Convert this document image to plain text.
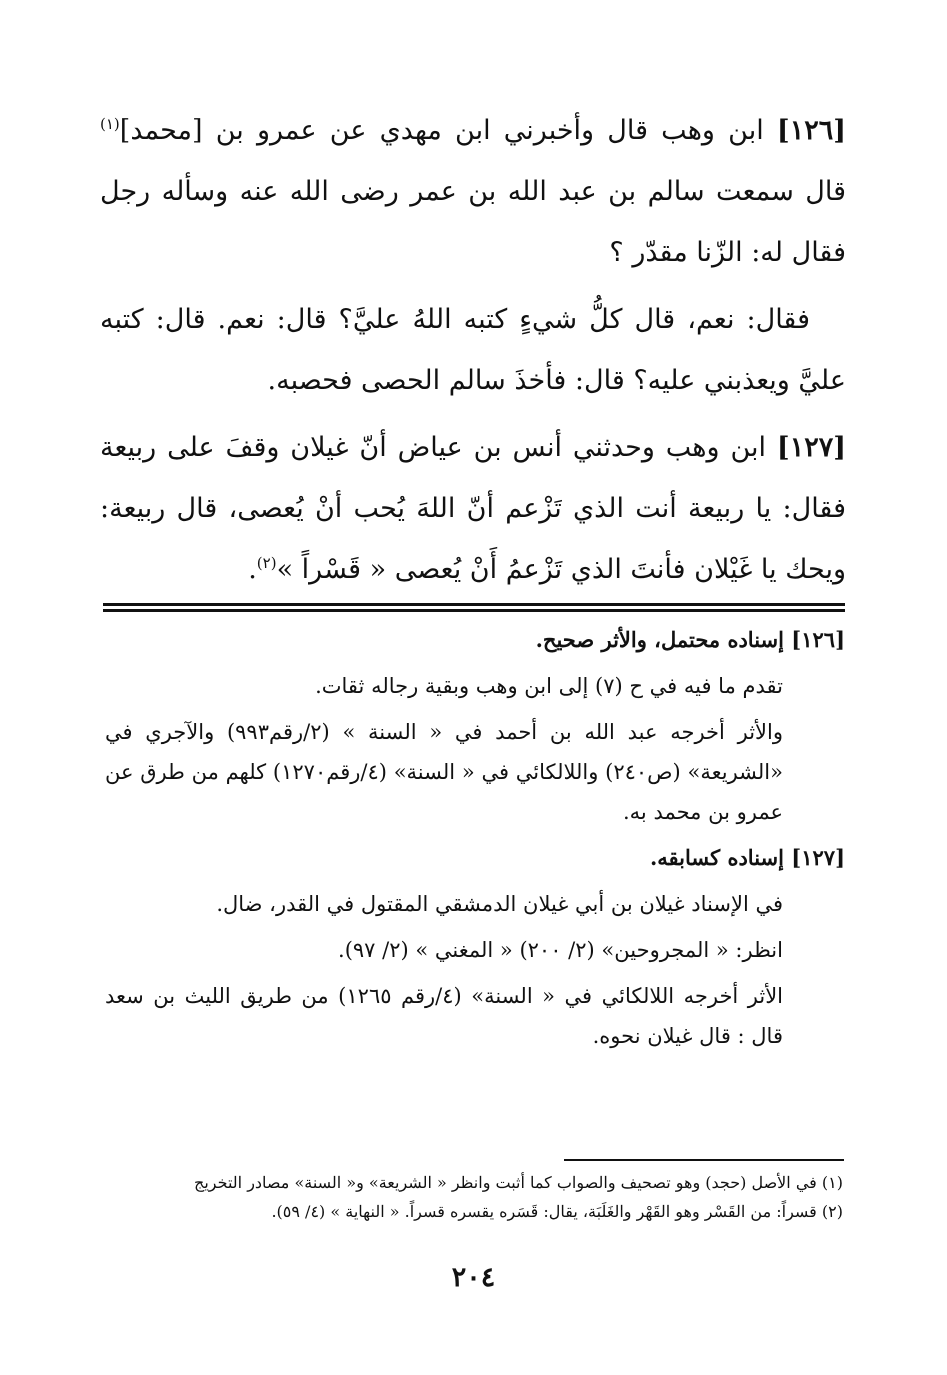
[١٢٦] ابن وهب قال وأخبرني ابن مهدي عن عمرو بن [محمد]$^{(١)}$ قال سمعت سالم بن عبد الله بن عمر رضى الله عنه وسأله رجل فقال له: الزّنا مقدّر ؟

فقال: نعم، قال كلُّ شيءٍ كتبه اللهُ عليَّ؟ قال: نعم. قال: كتبه عليَّ ويعذبني عليه؟ قال: فأخذَ سالم الحصى فحصبه.

[١٢٧] ابن وهب وحدثني أنس بن عياض أنّ غيلان وقفَ على ربيعة فقال: يا ربيعة أنت الذي تَزْعم أنّ اللهَ يُحب أنْ يُعصى، قال ربيعة: ويحك يا غَيْلان فأنتَ الذي تَزْعمُ أَنْ يُعصى « قَسْراً »$^{(٢)}$.

[١٢٦] إسناده محتمل، والأثر صحيح.

تقدم ما فيه في ح (٧) إلى ابن وهب وبقية رجاله ثقات.

والأثر أخرجه عبد الله بن أحمد في « السنة » (٢/رقم٩٩٣) والآجري في «الشريعة» (ص٢٤٠) واللالكائي في « السنة» (٤/رقم١٢٧٠) كلهم من طرق عن عمرو بن محمد به.

[١٢٧] إسناده كسابقه.

في الإسناد غيلان بن أبي غيلان الدمشقي المقتول في القدر، ضال.

انظر: « المجروحين» (٢/ ٢٠٠) « المغني » (٢/ ٩٧).

الأثر أخرجه اللالكائي في « السنة» (٤/رقم ١٢٦٥) من طريق الليث بن سعد قال : قال غيلان نحوه.

(١) في الأصل (حجد) وهو تصحيف والصواب كما أثبت وانظر « الشريعة» و« السنة» مصادر التخريج

(٢) قسراً: من القَسْر وهو القَهْر والغَلَبَة، يقال: قَسَره يقسره قسراً. « النهاية » (٤/ ٥٩).

٢٠٤
